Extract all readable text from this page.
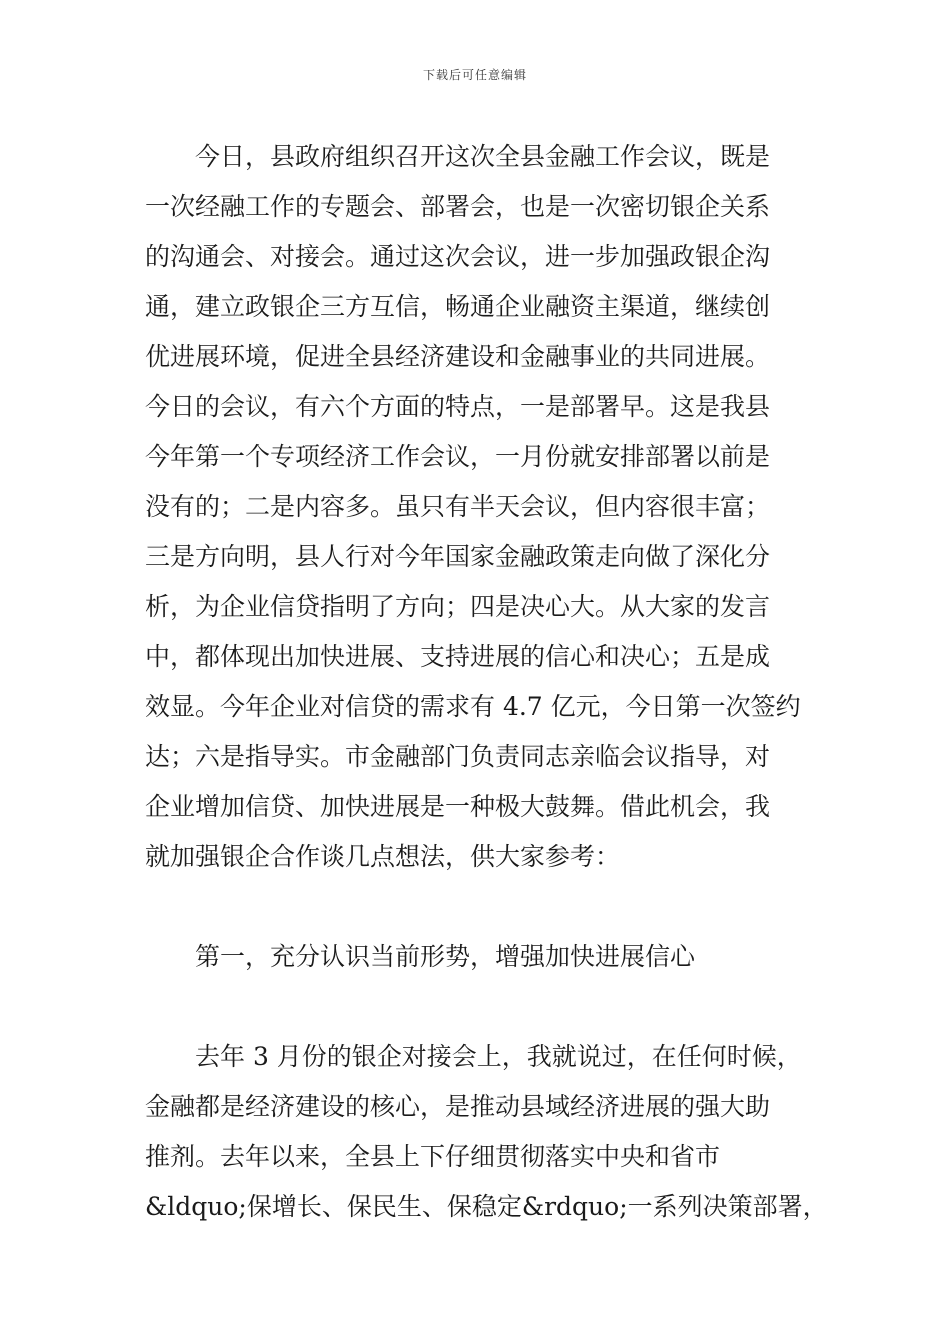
下载后可任意编辑
今日，县政府组织召开这次全县金融工作会议，既是
一次经融工作的专题会、部署会，也是一次密切银企关系
的沟通会、对接会。通过这次会议，进一步加强政银企沟
通，建立政银企三方互信，畅通企业融资主渠道，继续创
优进展环境，促进全县经济建设和金融事业的共同进展。
今日的会议，有六个方面的特点，一是部署早。这是我县
今年第一个专项经济工作会议，一月份就安排部署以前是
没有的；二是内容多。虽只有半天会议，但内容很丰富；
三是方向明，县人行对今年国家金融政策走向做了深化分
析，为企业信贷指明了方向；四是决心大。从大家的发言
中，都体现出加快进展、支持进展的信心和决心；五是成
效显。今年企业对信贷的需求有 4.7 亿元，今日第一次签约
达；六是指导实。市金融部门负责同志亲临会议指导，对
企业增加信贷、加快进展是一种极大鼓舞。借此机会，我
就加强银企合作谈几点想法，供大家参考：
第一，充分认识当前形势，增强加快进展信心
去年 3 月份的银企对接会上，我就说过，在任何时候，
金融都是经济建设的核心，是推动县域经济进展的强大助
推剂。去年以来，全县上下仔细贯彻落实中央和省市
&ldquo;保增长、保民生、保稳定&rdquo;一系列决策部署，
